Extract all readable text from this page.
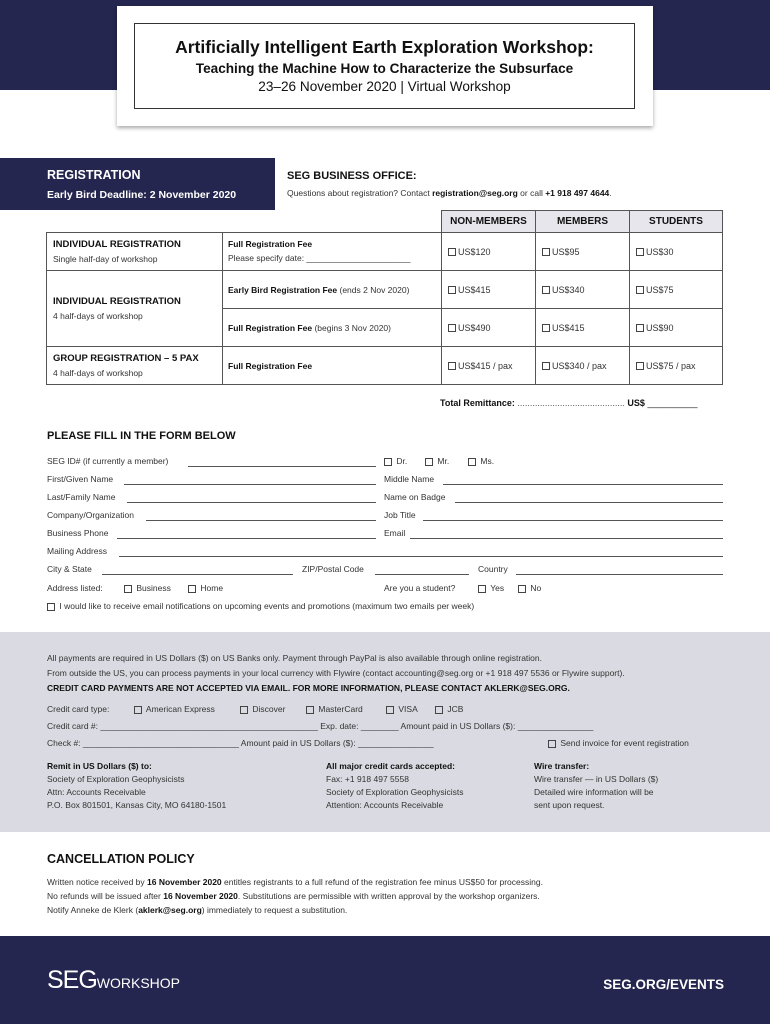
Artificially Intelligent Earth Exploration Workshop:
Teaching the Machine How to Characterize the Subsurface
23–26 November 2020 | Virtual Workshop
REGISTRATION
Early Bird Deadline: 2 November 2020
SEG BUSINESS OFFICE:
Questions about registration? Contact registration@seg.org or call +1 918 497 4644.
NON-MEMBERS	MEMBERS	STUDENTS
INDIVIDUAL REGISTRATION
Single half-day of workshop
Full Registration Fee
Please specify date: ______________________
US$120	US$95	US$30
INDIVIDUAL REGISTRATION
4 half-days of workshop
Early Bird Registration Fee (ends 2 Nov 2020)	US$415	US$340	US$75
Full Registration Fee (begins 3 Nov 2020)	US$490	US$415	US$90
GROUP REGISTRATION – 5 PAX
4 half-days of workshop
Full Registration Fee	US$415 / pax	US$340 / pax	US$75 / pax
Total Remittance: ........................................... US$ __________
PLEASE FILL IN THE FORM BELOW
SEG ID# (if currently a member)	Dr.	Mr.	Ms.
First/Given Name	Middle Name
Last/Family Name	Name on Badge
Company/Organization	Job Title
Business Phone	Email
Mailing Address
City & State	ZIP/Postal Code	Country
Address listed:	Business	Home	Are you a student?	Yes	No
I would like to receive email notifications on upcoming events and promotions (maximum two emails per week)
All payments are required in US Dollars ($) on US Banks only. Payment through PayPal is also available through online registration.
From outside the US, you can process payments in your local currency with Flywire (contact accounting@seg.org or +1 918 497 5536 or Flywire support).
CREDIT CARD PAYMENTS ARE NOT ACCEPTED VIA EMAIL. FOR MORE INFORMATION, PLEASE CONTACT AKLERK@SEG.ORG.
Credit card type:	American Express	Discover	MasterCard	VISA	JCB
Credit card #: ______________________________________________ Exp. date: ________ Amount paid in US Dollars ($): ________________
Check #: _________________________________ Amount paid in US Dollars ($): ________________	Send invoice for event registration
Remit in US Dollars ($) to:
Society of Exploration Geophysicists
Attn: Accounts Receivable
P.O. Box 801501, Kansas City, MO 64180-1501
All major credit cards accepted:
Fax: +1 918 497 5558
Society of Exploration Geophysicists
Attention: Accounts Receivable
Wire transfer:
Wire transfer — in US Dollars ($)
Detailed wire information will be
sent upon request.
CANCELLATION POLICY
Written notice received by 16 November 2020 entitles registrants to a full refund of the registration fee minus US$50 for processing.
No refunds will be issued after 16 November 2020. Substitutions are permissible with written approval by the workshop organizers.
Notify Anneke de Klerk (aklerk@seg.org) immediately to request a substitution.
SEGWORKSHOP	SEG.ORG/EVENTS
